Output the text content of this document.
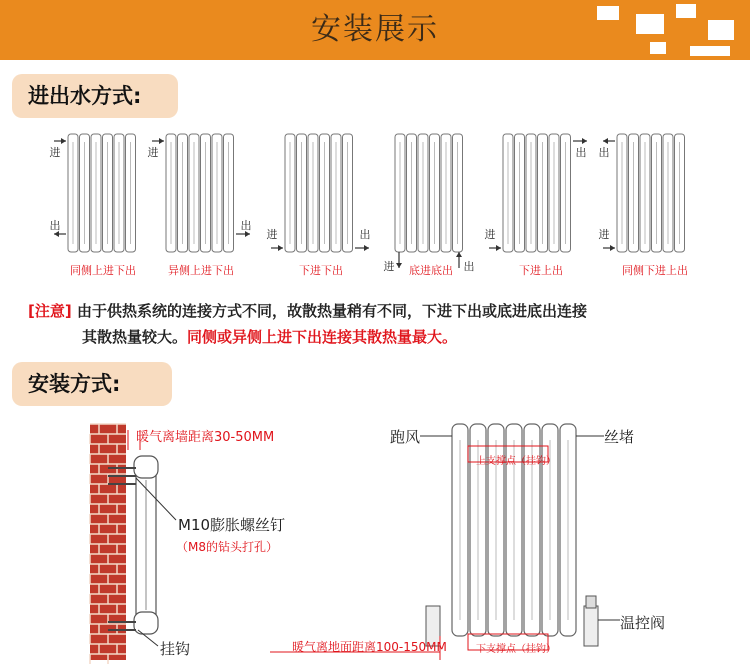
安装展示
进出水方式:
进
出
进
出
进	出
进	出
进
出
进
出
同侧上进下出	异侧上进下出	下进下出	底进底出	下进上出	同侧下进上出
[注意] 由于供热系统的连接方式不同，故散热量稍有不同，下进下出或底进底出连接
其散热量较大。同侧或异侧上进下出连接其散热量最大。
安装方式:
暖气离墙距离30-50MM
M10膨胀螺丝钉
（M8的钻头打孔）
挂钩
跑风	丝堵
上支撑点（挂钩）
下支撑点（挂钩）
暖气离地面距离100-150MM
温控阀
